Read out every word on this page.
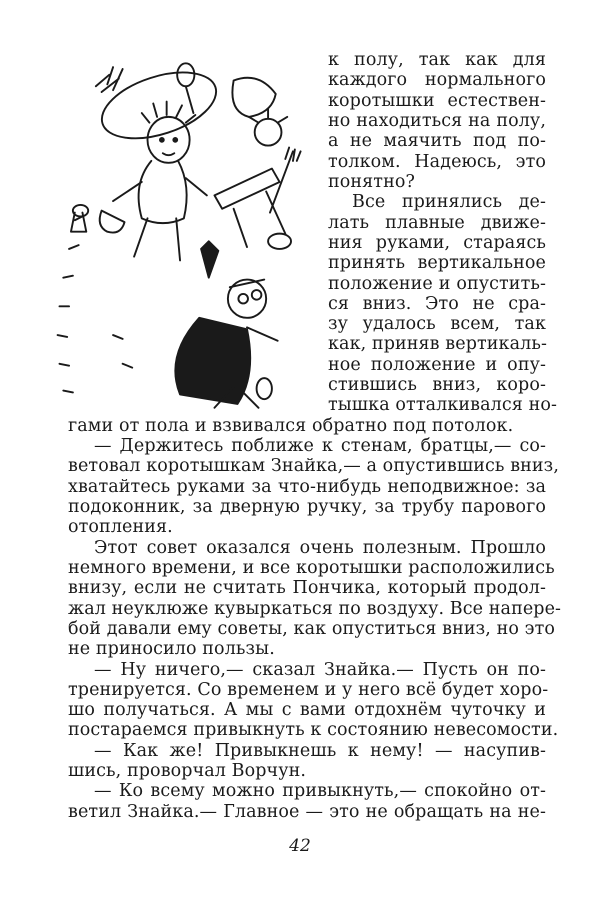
к полу, так как для
каждого нормального
коротышки естествен-
но находиться на полу,
а не маячить под по-
толком. Надеюсь, это
понятно?
Все принялись де-
лать плавные движе-
ния руками, стараясь
принять вертикальное
положение и опустить-
ся вниз. Это не сра-
зу удалось всем, так
как, приняв вертикаль-
ное положение и опу-
стившись вниз, коро-
тышка отталкивался но-
гами от пола и взвивался обратно под потолок.
— Держитесь поближе к стенам, братцы,— со-
ветовал коротышкам Знайка,— а опустившись вниз,
хватайтесь руками за что-нибудь неподвижное: за
подоконник, за дверную ручку, за трубу парового
отопления.
Этот совет оказался очень полезным. Прошло
немного времени, и все коротышки расположились
внизу, если не считать Пончика, который продол-
жал неуклюже кувыркаться по воздуху. Все напере-
бой давали ему советы, как опуститься вниз, но это
не приносило пользы.
— Ну ничего,— сказал Знайка.— Пусть он по-
тренируется. Со временем и у него всё будет хоро-
шо получаться. А мы с вами отдохнём чуточку и
постараемся привыкнуть к состоянию невесомости.
— Как же! Привыкнешь к нему! — насупив-
шись, проворчал Ворчун.
— Ко всему можно привыкнуть,— спокойно от-
ветил Знайка.— Главное — это не обращать на не-
42
